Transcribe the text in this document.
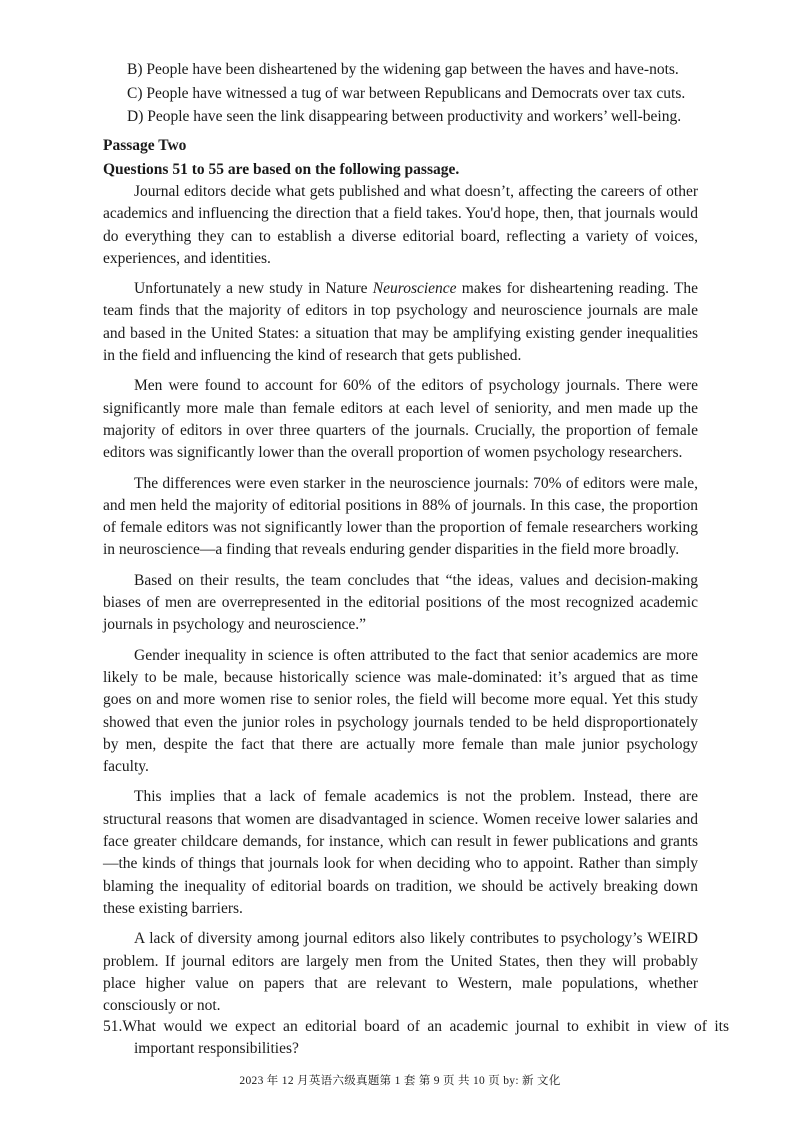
B) People have been disheartened by the widening gap between the haves and have-nots.
C) People have witnessed a tug of war between Republicans and Democrats over tax cuts.
D) People have seen the link disappearing between productivity and workers’ well-being.
Passage Two
Questions 51 to 55 are based on the following passage.

Journal editors decide what gets published and what doesn’t, affecting the careers of other academics and influencing the direction that a field takes. You'd hope, then, that journals would do everything they can to establish a diverse editorial board, reflecting a variety of voices, experiences, and identities.

Unfortunately a new study in Nature Neuroscience makes for disheartening reading. The team finds that the majority of editors in top psychology and neuroscience journals are male and based in the United States: a situation that may be amplifying existing gender inequalities in the field and influencing the kind of research that gets published.

Men were found to account for 60% of the editors of psychology journals. There were significantly more male than female editors at each level of seniority, and men made up the majority of editors in over three quarters of the journals. Crucially, the proportion of female editors was significantly lower than the overall proportion of women psychology researchers.

The differences were even starker in the neuroscience journals: 70% of editors were male, and men held the majority of editorial positions in 88% of journals. In this case, the proportion of female editors was not significantly lower than the proportion of female researchers working in neuroscience—a finding that reveals enduring gender disparities in the field more broadly.

Based on their results, the team concludes that “the ideas, values and decision-making biases of men are overrepresented in the editorial positions of the most recognized academic journals in psychology and neuroscience.”

Gender inequality in science is often attributed to the fact that senior academics are more likely to be male, because historically science was male-dominated: it’s argued that as time goes on and more women rise to senior roles, the field will become more equal. Yet this study showed that even the junior roles in psychology journals tended to be held disproportionately by men, despite the fact that there are actually more female than male junior psychology faculty.

This implies that a lack of female academics is not the problem. Instead, there are structural reasons that women are disadvantaged in science. Women receive lower salaries and face greater childcare demands, for instance, which can result in fewer publications and grants—the kinds of things that journals look for when deciding who to appoint. Rather than simply blaming the inequality of editorial boards on tradition, we should be actively breaking down these existing barriers.

A lack of diversity among journal editors also likely contributes to psychology’s WEIRD problem. If journal editors are largely men from the United States, then they will probably place higher value on papers that are relevant to Western, male populations, whether consciously or not.

51.What would we expect an editorial board of an academic journal to exhibit in view of its important responsibilities?
2023 年 12 月英语六级真题第 1 套 第 9 页 共 10 页 by: 新 文化
